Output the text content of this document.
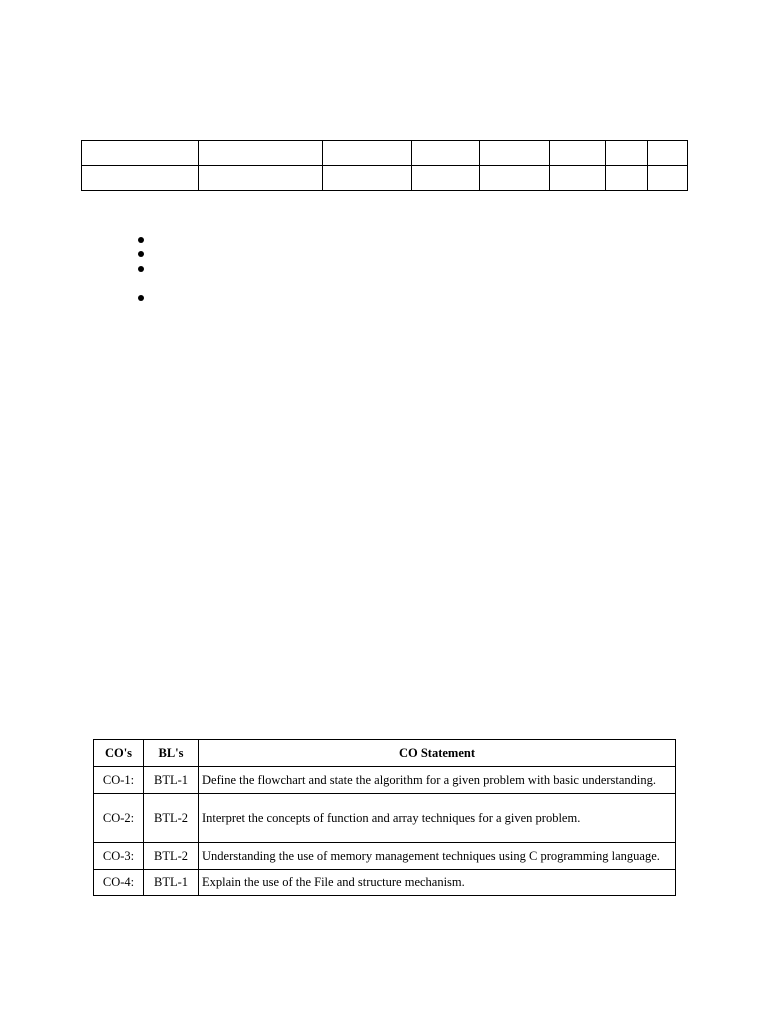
CO's	BL's	CO Statement
CO-1:	BTL-1	Define the flowchart and state the algorithm for a given problem with basic understanding.
CO-2:	BTL-2	Interpret the concepts of function and array techniques for a given problem.
CO-3:	BTL-2	Understanding the use of memory management techniques using C programming language.
CO-4:	BTL-1	Explain the use of the File and structure mechanism.
